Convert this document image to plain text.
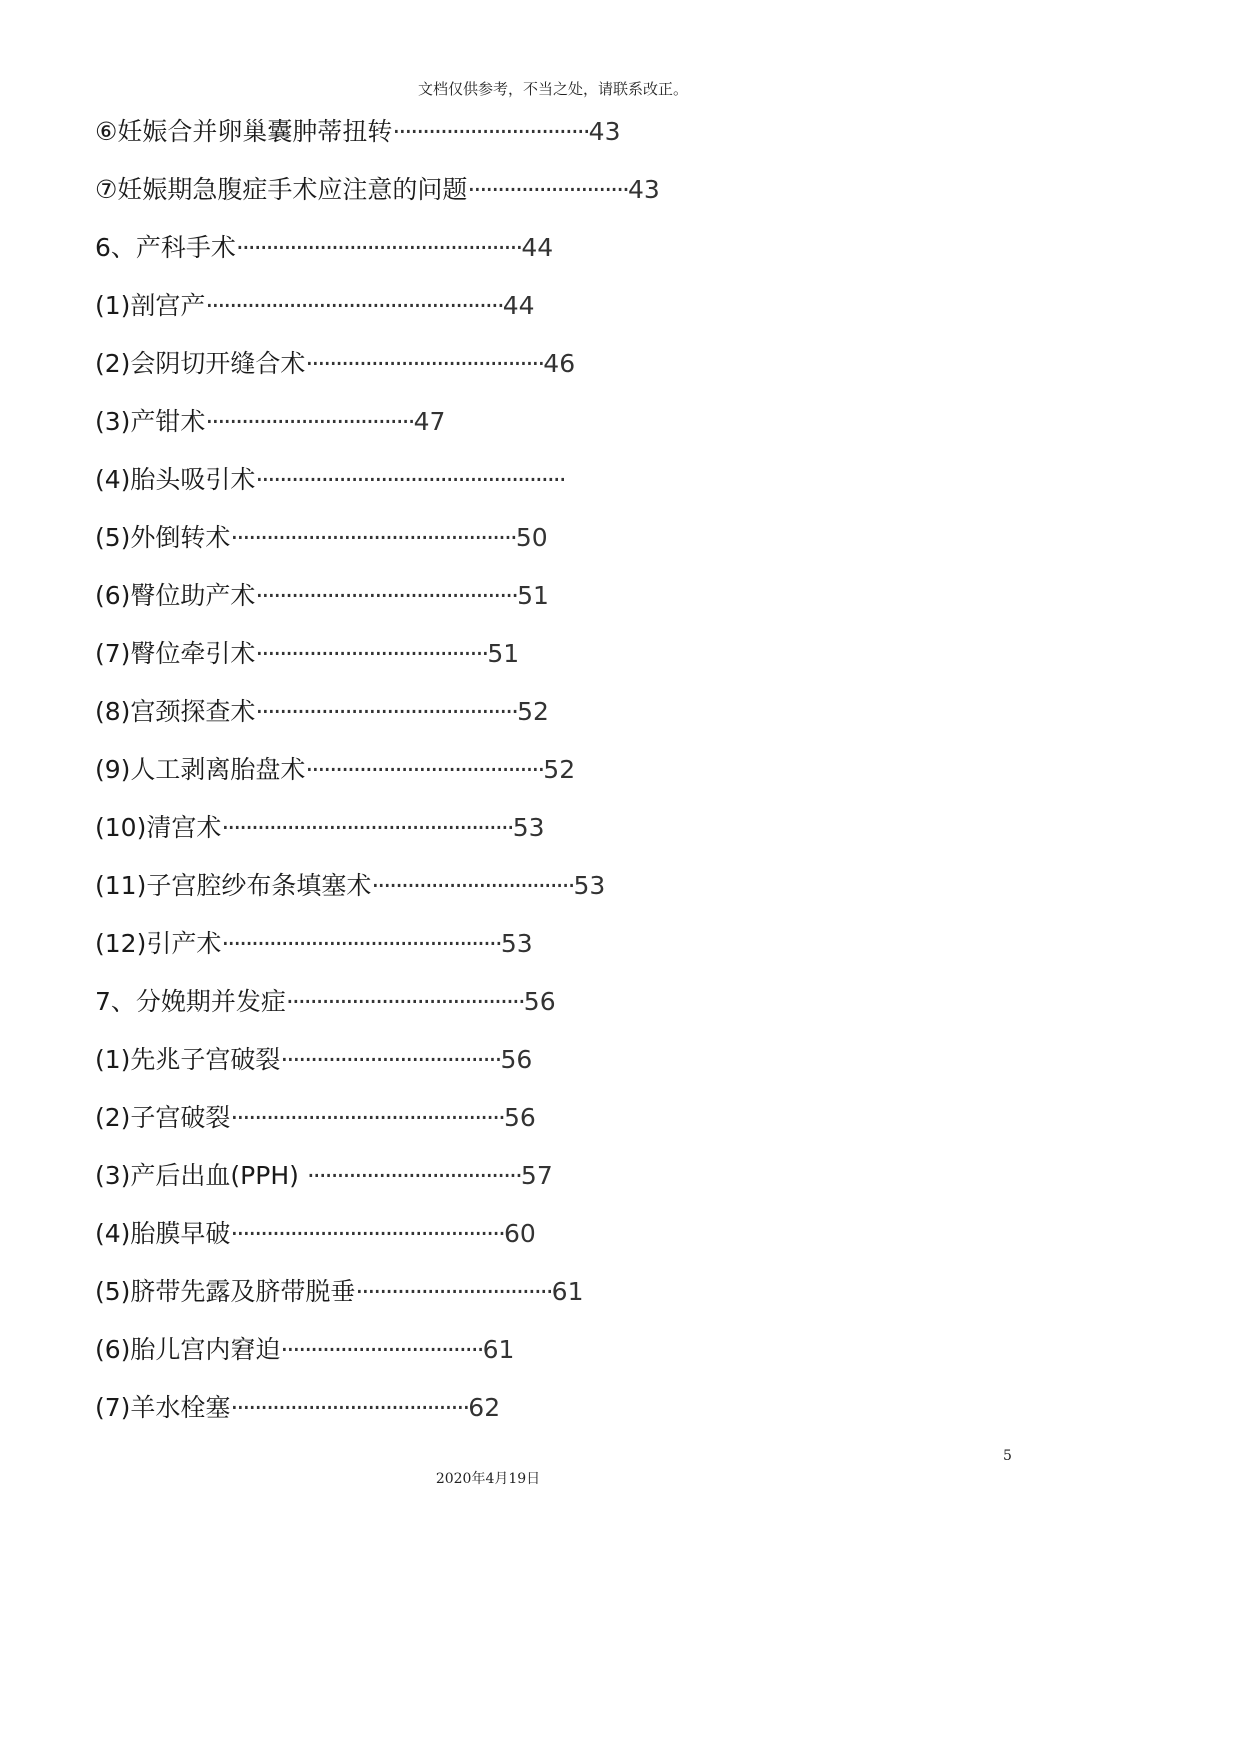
文档仅供参考，不当之处，请联系改正。
⑥妊娠合并卵巢囊肿蒂扭转·································43
⑦妊娠期急腹症手术应注意的问题···························43
6、产科手术················································44
(1)剖宫产··················································44
(2)会阴切开缝合术········································46
(3)产钳术···································47
(4)胎头吸引术····················································
(5)外倒转术················································50
(6)臀位助产术············································51
(7)臀位牵引术·······································51
(8)宫颈探查术············································52
(9)人工剥离胎盘术········································52
(10)清宫术·················································53
(11)子宫腔纱布条填塞术··································53
(12)引产术···············································53
7、分娩期并发症········································56
(1)先兆子宫破裂·····································56
(2)子宫破裂··············································56
(3)产后出血(PPH) ····································57
(4)胎膜早破··············································60
(5)脐带先露及脐带脱垂·································61
(6)胎儿宫内窘迫··································61
(7)羊水栓塞········································62
5
2020年4月19日
